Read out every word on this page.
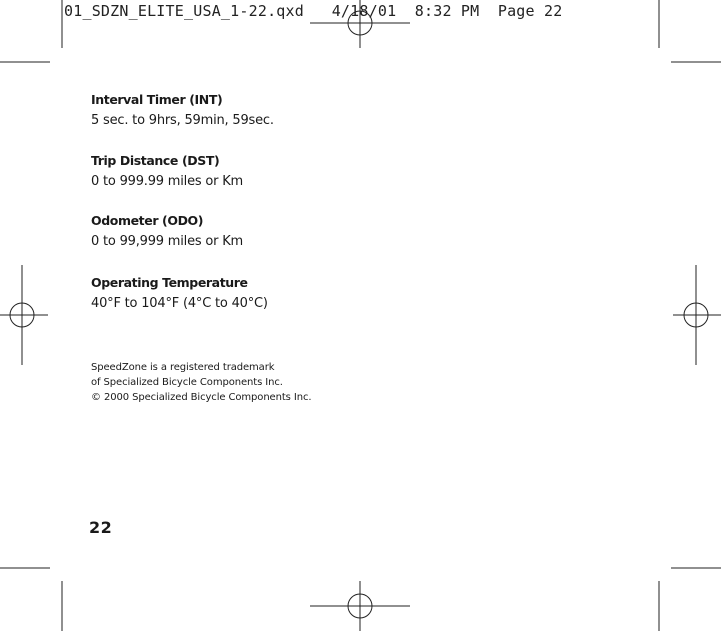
01_SDZN_ELITE_USA_1-22.qxd   4/18/01  8:32 PM  Page 22
Interval Timer (INT)
5 sec. to 9hrs, 59min, 59sec.
Trip Distance (DST)
0 to 999.99 miles or Km
Odometer (ODO)
0 to 99,999 miles or Km
Operating Temperature
40°F to 104°F (4°C to 40°C)
SpeedZone is a registered trademark
of Specialized Bicycle Components Inc.
© 2000 Specialized Bicycle Components Inc.
22
